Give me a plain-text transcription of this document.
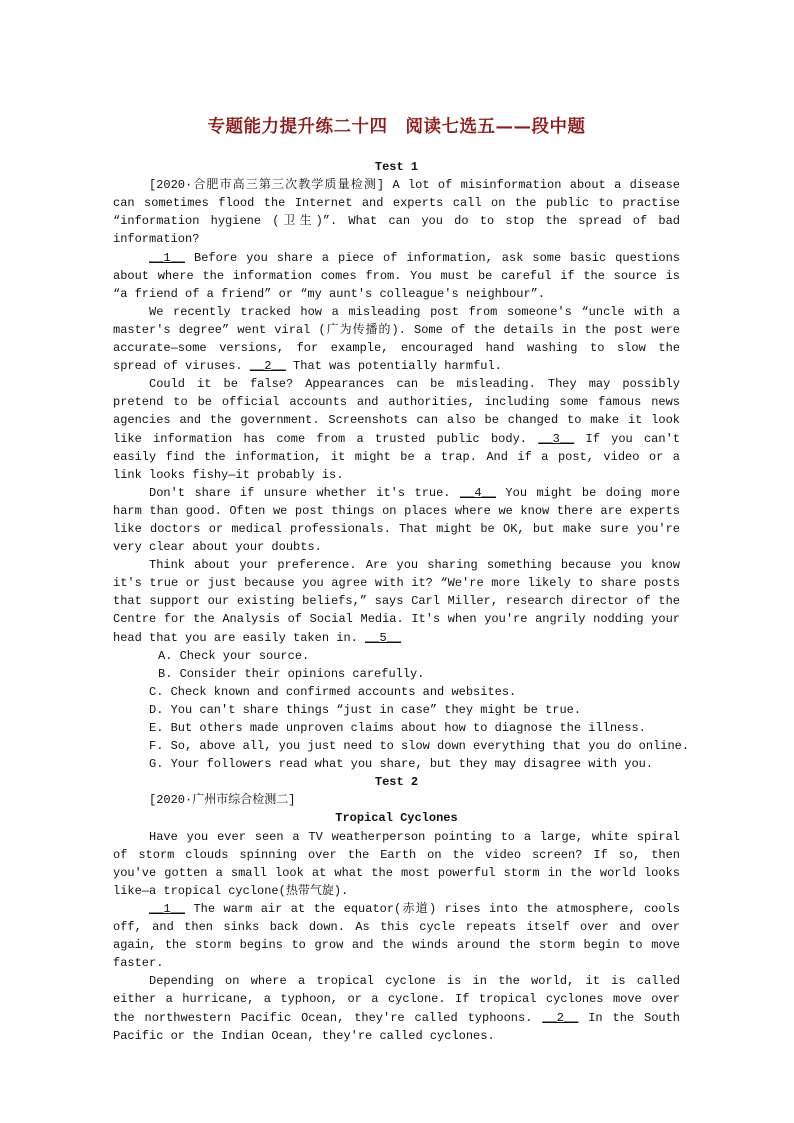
专题能力提升练二十四　阅读七选五——段中题
Test 1

[2020·合肥市高三第三次教学质量检测] A lot of misinformation about a disease can sometimes flood the Internet and experts call on the public to practise “information hygiene (卫生)”. What can you do to stop the spread of bad information?

__1__ Before you share a piece of information, ask some basic questions about where the information comes from. You must be careful if the source is “a friend of a friend” or “my aunt's colleague's neighbour”.

We recently tracked how a misleading post from someone's “uncle with a master's degree” went viral (广为传播的). Some of the details in the post were accurate—some versions, for example, encouraged hand washing to slow the spread of viruses. __2__ That was potentially harmful.

Could it be false? Appearances can be misleading. They may possibly pretend to be official accounts and authorities, including some famous news agencies and the government. Screenshots can also be changed to make it look like information has come from a trusted public body. __3__ If you can't easily find the information, it might be a trap. And if a post, video or a link looks fishy—it probably is.

Don't share if unsure whether it's true. __4__ You might be doing more harm than good. Often we post things on places where we know there are experts like doctors or medical professionals. That might be OK, but make sure you're very clear about your doubts.

Think about your preference. Are you sharing something because you know it's true or just because you agree with it? “We're more likely to share posts that support our existing beliefs,” says Carl Miller, research director of the Centre for the Analysis of Social Media. It's when you're angrily nodding your head that you are easily taken in. __5__

A. Check your source.

B. Consider their opinions carefully.

C. Check known and confirmed accounts and websites.

D. You can't share things “just in case” they might be true.

E. But others made unproven claims about how to diagnose the illness.

F. So, above all, you just need to slow down everything that you do online.

G. Your followers read what you share, but they may disagree with you.

Test 2

[2020·广州市综合检测二]

Tropical Cyclones

Have you ever seen a TV weatherperson pointing to a large, white spiral of storm clouds spinning over the Earth on the video screen? If so, then you've gotten a small look at what the most powerful storm in the world looks like—a tropical cyclone(热带气旋).

__1__ The warm air at the equator(赤道) rises into the atmosphere, cools off, and then sinks back down. As this cycle repeats itself over and over again, the storm begins to grow and the winds around the storm begin to move faster.

Depending on where a tropical cyclone is in the world, it is called either a hurricane, a typhoon, or a cyclone. If tropical cyclones move over the northwestern Pacific Ocean, they're called typhoons. __2__ In the South Pacific or the Indian Ocean, they're called cyclones.
